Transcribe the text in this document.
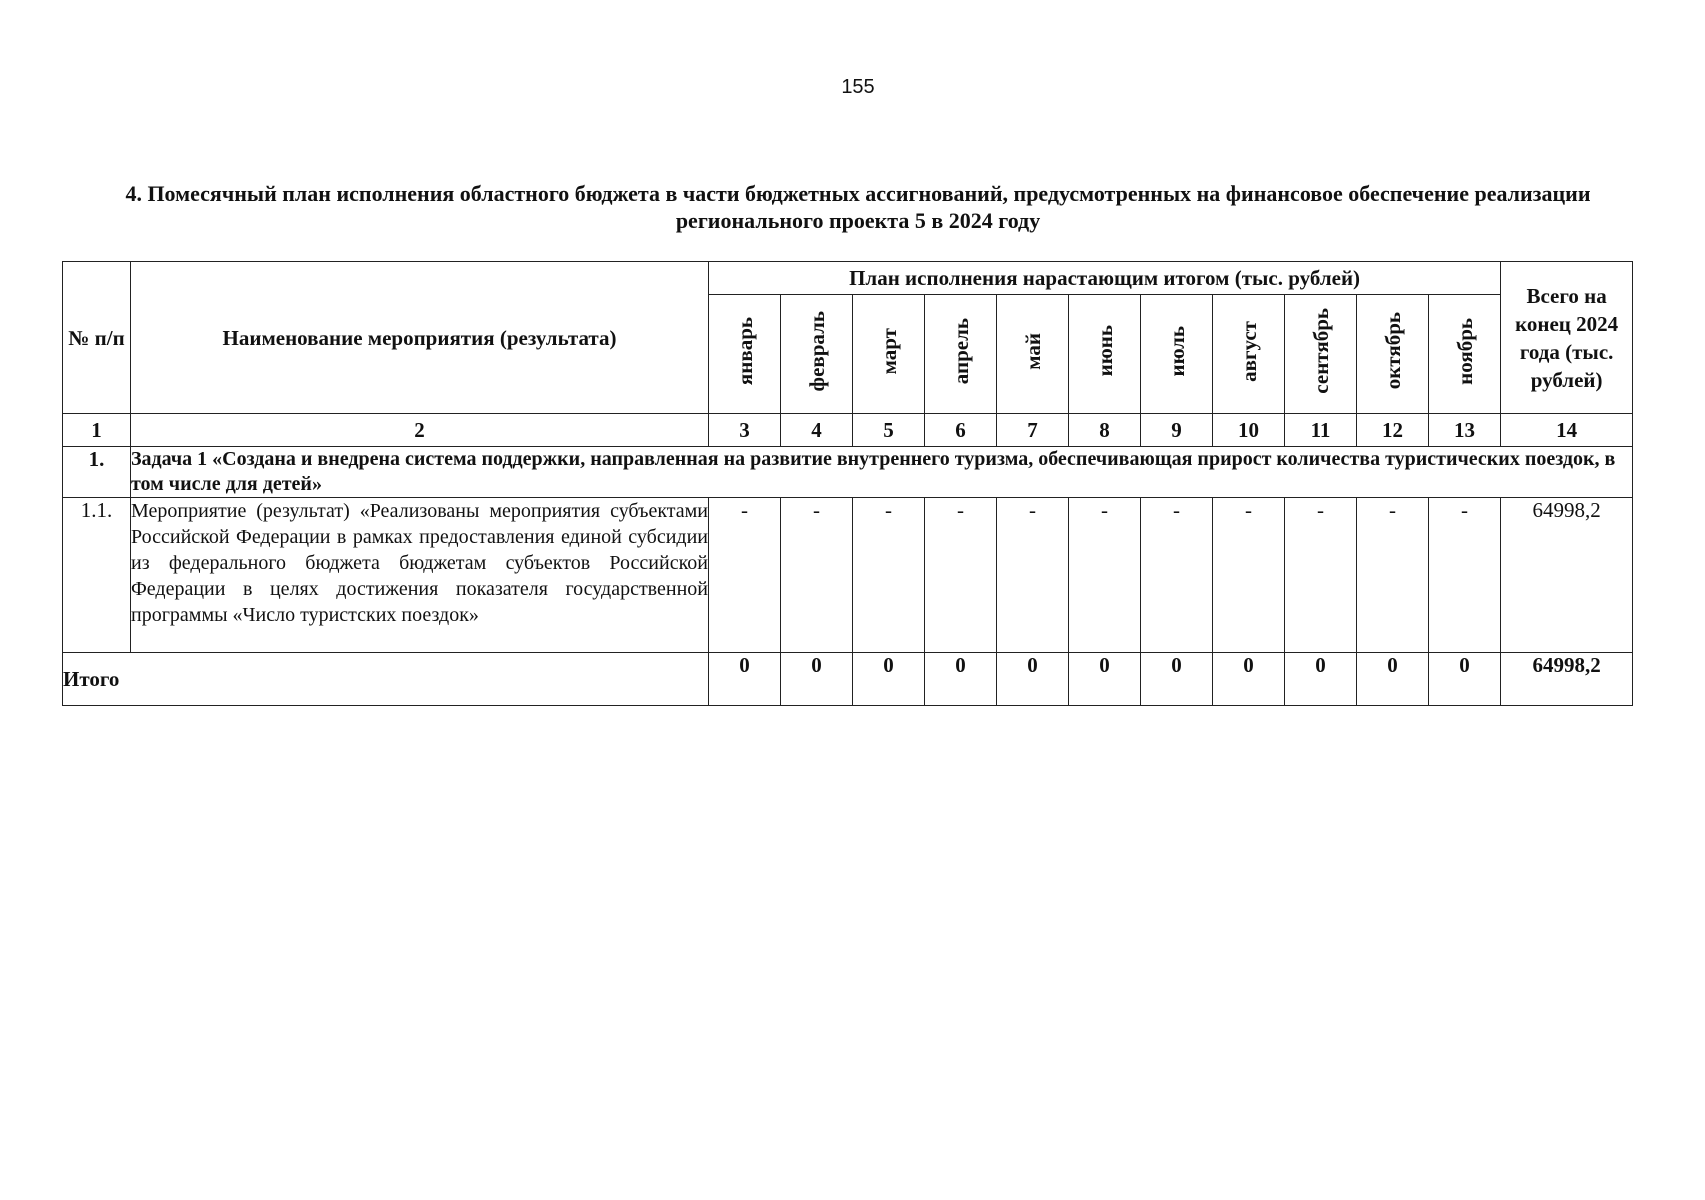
155
4. Помесячный план исполнения областного бюджета в части бюджетных ассигнований, предусмотренных на финансовое обеспечение реализации регионального проекта 5 в 2024 году
№ п/п	Наименование мероприятия (результата)	План исполнения нарастающим итогом (тыс. рублей)											Всего на конец 2024 года (тыс. рублей)
		январь	февраль	март	апрель	май	июнь	июль	август	сентябрь	октябрь	ноябрь	
1	2	3	4	5	6	7	8	9	10	11	12	13	14
1.	Задача 1 «Создана и внедрена система поддержки, направленная на развитие внутреннего туризма, обеспечивающая прирост количества туристических поездок, в том числе для детей»												
1.1.	Мероприятие (результат) «Реализованы мероприятия субъектами Российской Федерации в рамках предоставления единой субсидии из федерального бюджета бюджетам субъектов Российской Федерации в целях достижения показателя государственной программы «Число туристских поездок»	-	-	-	-	-	-	-	-	-	-	-	64998,2
Итого		0	0	0	0	0	0	0	0	0	0	0	64998,2
